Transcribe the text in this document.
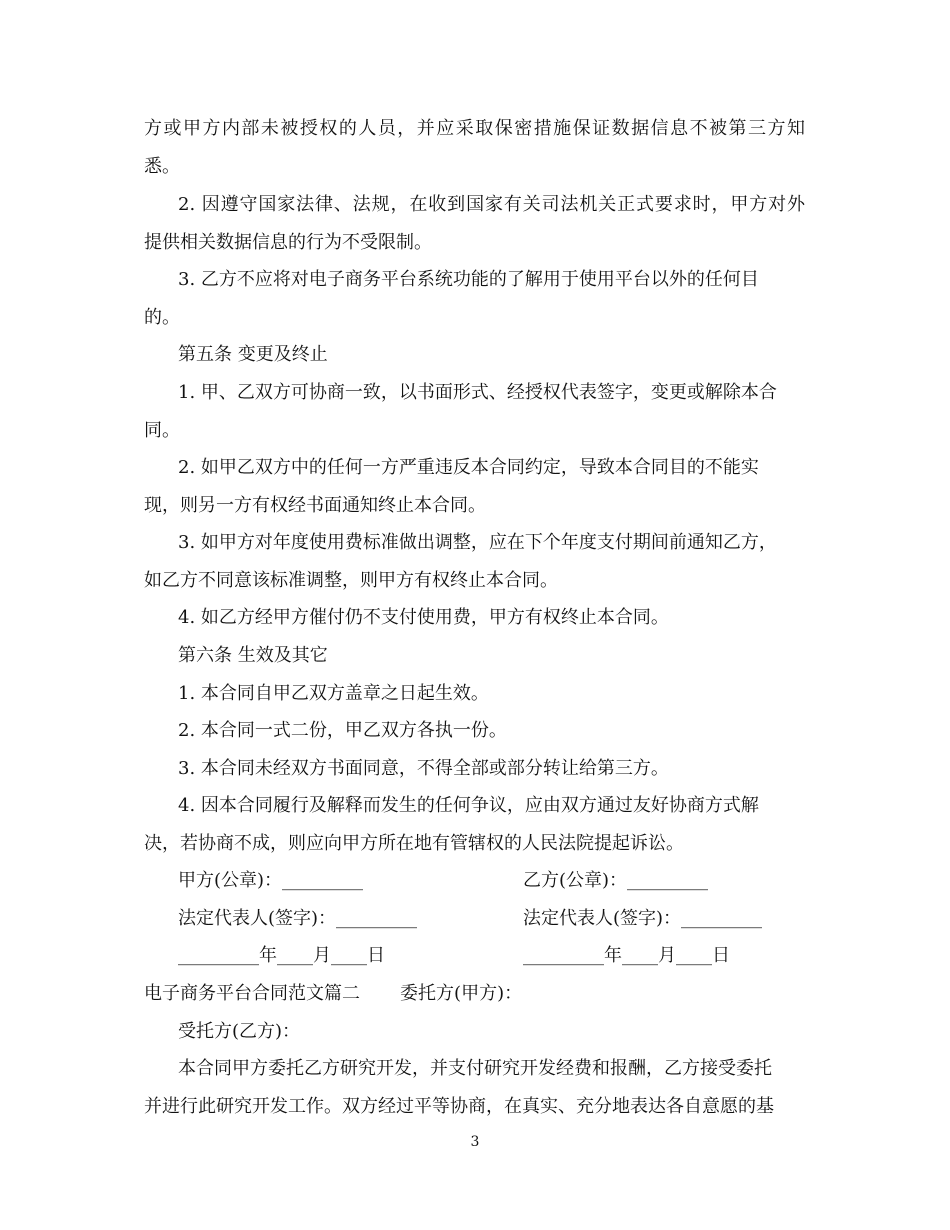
方或甲方内部未被授权的人员，并应采取保密措施保证数据信息不被第三方知
悉。
2. 因遵守国家法律、法规，在收到国家有关司法机关正式要求时，甲方对外
提供相关数据信息的行为不受限制。
3. 乙方不应将对电子商务平台系统功能的了解用于使用平台以外的任何目
的。
第五条 变更及终止
1. 甲、乙双方可协商一致，以书面形式、经授权代表签字，变更或解除本合
同。
2. 如甲乙双方中的任何一方严重违反本合同约定，导致本合同目的不能实
现，则另一方有权经书面通知终止本合同。
3. 如甲方对年度使用费标准做出调整，应在下个年度支付期间前通知乙方，
如乙方不同意该标准调整，则甲方有权终止本合同。
4. 如乙方经甲方催付仍不支付使用费，甲方有权终止本合同。
第六条 生效及其它
1. 本合同自甲乙双方盖章之日起生效。
2. 本合同一式二份，甲乙双方各执一份。
3. 本合同未经双方书面同意，不得全部或部分转让给第三方。
4. 因本合同履行及解释而发生的任何争议，应由双方通过友好协商方式解
决，若协商不成，则应向甲方所在地有管辖权的人民法院提起诉讼。
甲方(公章)：_________	乙方(公章)：_________
法定代表人(签字)：_________	法定代表人(签字)：_________
_________年____月____日	_________年____月____日
电子商务平台合同范文篇二       委托方(甲方)：
受托方(乙方)：
本合同甲方委托乙方研究开发，并支付研究开发经费和报酬，乙方接受委托
并进行此研究开发工作。双方经过平等协商，在真实、充分地表达各自意愿的基
3
